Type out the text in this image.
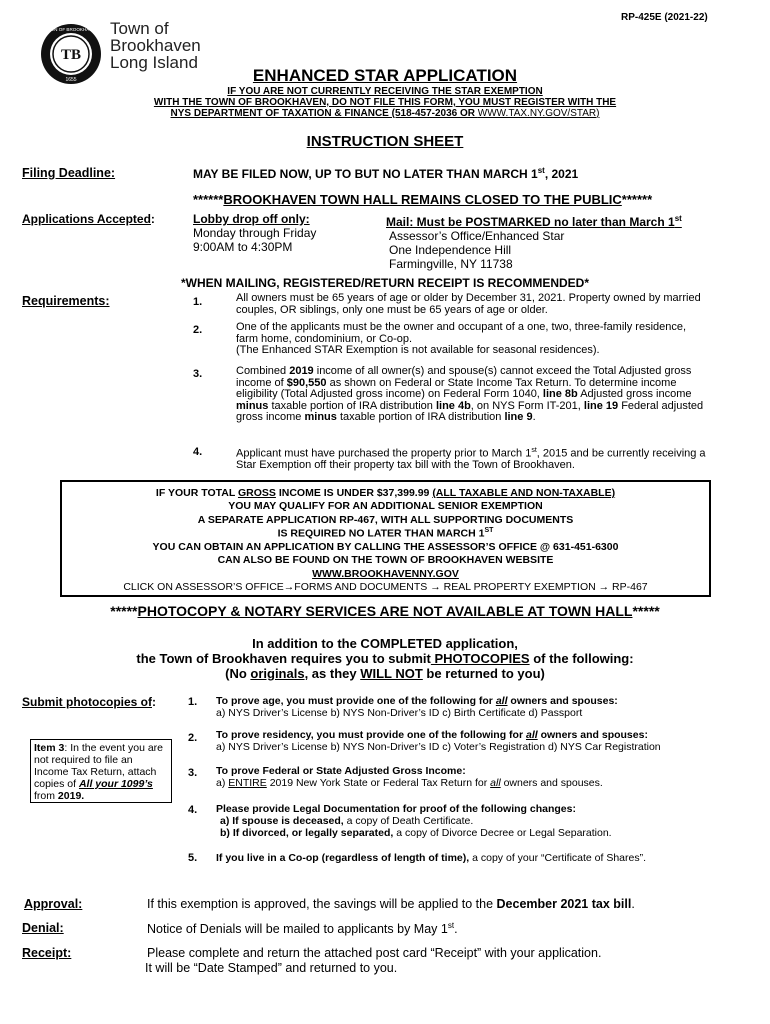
RP-425E (2021-22)
TB
1655
TOWN OF BROOKHAVEN Town of
Brookhaven
Long Island
ENHANCED STAR APPLICATION
IF YOU ARE NOT CURRENTLY RECEIVING THE STAR EXEMPTION
WITH THE TOWN OF BROOKHAVEN, DO NOT FILE THIS FORM, YOU MUST REGISTER WITH THE
NYS DEPARTMENT OF TAXATION & FINANCE (518-457-2036 OR WWW.TAX.NY.GOV/STAR)
INSTRUCTION SHEET
Filing Deadline:	MAY BE FILED NOW, UP TO BUT NO LATER THAN MARCH 1st, 2021
******BROOKHAVEN TOWN HALL REMAINS CLOSED TO THE PUBLIC******
Applications Accepted:	Lobby drop off only:
Monday through Friday
9:00AM to 4:30PM
Mail: Must be POSTMARKED no later than March 1st
Assessor’s Office/Enhanced Star
One Independence Hill
Farmingville, NY 11738
*WHEN MAILING, REGISTERED/RETURN RECEIPT IS RECOMMENDED*
Requirements:	1.	All owners must be 65 years of age or older by December 31, 2021. Property owned by married couples, OR siblings, only one must be 65 years of age or older.
2.	One of the applicants must be the owner and occupant of a one, two, three-family residence, farm home, condominium, or Co-op.
(The Enhanced STAR Exemption is not available for seasonal residences).
3.	Combined 2019 income of all owner(s) and spouse(s) cannot exceed the Total Adjusted gross income of $90,550 as shown on Federal or State Income Tax Return. To determine income eligibility (Total Adjusted gross income) on Federal Form 1040, line 8b Adjusted gross income minus taxable portion of IRA distribution line 4b, on NYS Form IT-201, line 19 Federal adjusted gross income minus taxable portion of IRA distribution line 9.
4.	Applicant must have purchased the property prior to March 1st, 2015 and be currently receiving a Star Exemption off their property tax bill with the Town of Brookhaven.
IF YOUR TOTAL GROSS INCOME IS UNDER $37,399.99 (ALL TAXABLE AND NON-TAXABLE)
YOU MAY QUALIFY FOR AN ADDITIONAL SENIOR EXEMPTION
A SEPARATE APPLICATION RP-467, WITH ALL SUPPORTING DOCUMENTS
IS REQUIRED NO LATER THAN MARCH 1ST
YOU CAN OBTAIN AN APPLICATION BY CALLING THE ASSESSOR’S OFFICE @ 631-451-6300
CAN ALSO BE FOUND ON THE TOWN OF BROOKHAVEN WEBSITE
WWW.BROOKHAVENNY.GOV
CLICK ON ASSESSOR’S OFFICE→FORMS AND DOCUMENTS → REAL PROPERTY EXEMPTION → RP-467
*****PHOTOCOPY & NOTARY SERVICES ARE NOT AVAILABLE AT TOWN HALL*****
In addition to the COMPLETED application,
the Town of Brookhaven requires you to submit PHOTOCOPIES of the following:
(No originals, as they WILL NOT be returned to you)
Submit photocopies of:	1. To prove age, you must provide one of the following for all owners and spouses:
a) NYS Driver’s License b) NYS Non-Driver’s ID c) Birth Certificate d) Passport
2. To prove residency, you must provide one of the following for all owners and spouses:
a) NYS Driver’s License b) NYS Non-Driver’s ID c) Voter’s Registration d) NYS Car Registration
Item 3: In the event you are not required to file an Income Tax Return, attach copies of All your 1099’s from 2019.
3. To prove Federal or State Adjusted Gross Income:
a) ENTIRE 2019 New York State or Federal Tax Return for all owners and spouses.
4. Please provide Legal Documentation for proof of the following changes:
a) If spouse is deceased, a copy of Death Certificate.
b) If divorced, or legally separated, a copy of Divorce Decree or Legal Separation.
5. If you live in a Co-op (regardless of length of time), a copy of your “Certificate of Shares”.
Approval:	If this exemption is approved, the savings will be applied to the December 2021 tax bill.
Denial:	Notice of Denials will be mailed to applicants by May 1st.
Receipt:	Please complete and return the attached post card “Receipt” with your application.
It will be “Date Stamped” and returned to you.
